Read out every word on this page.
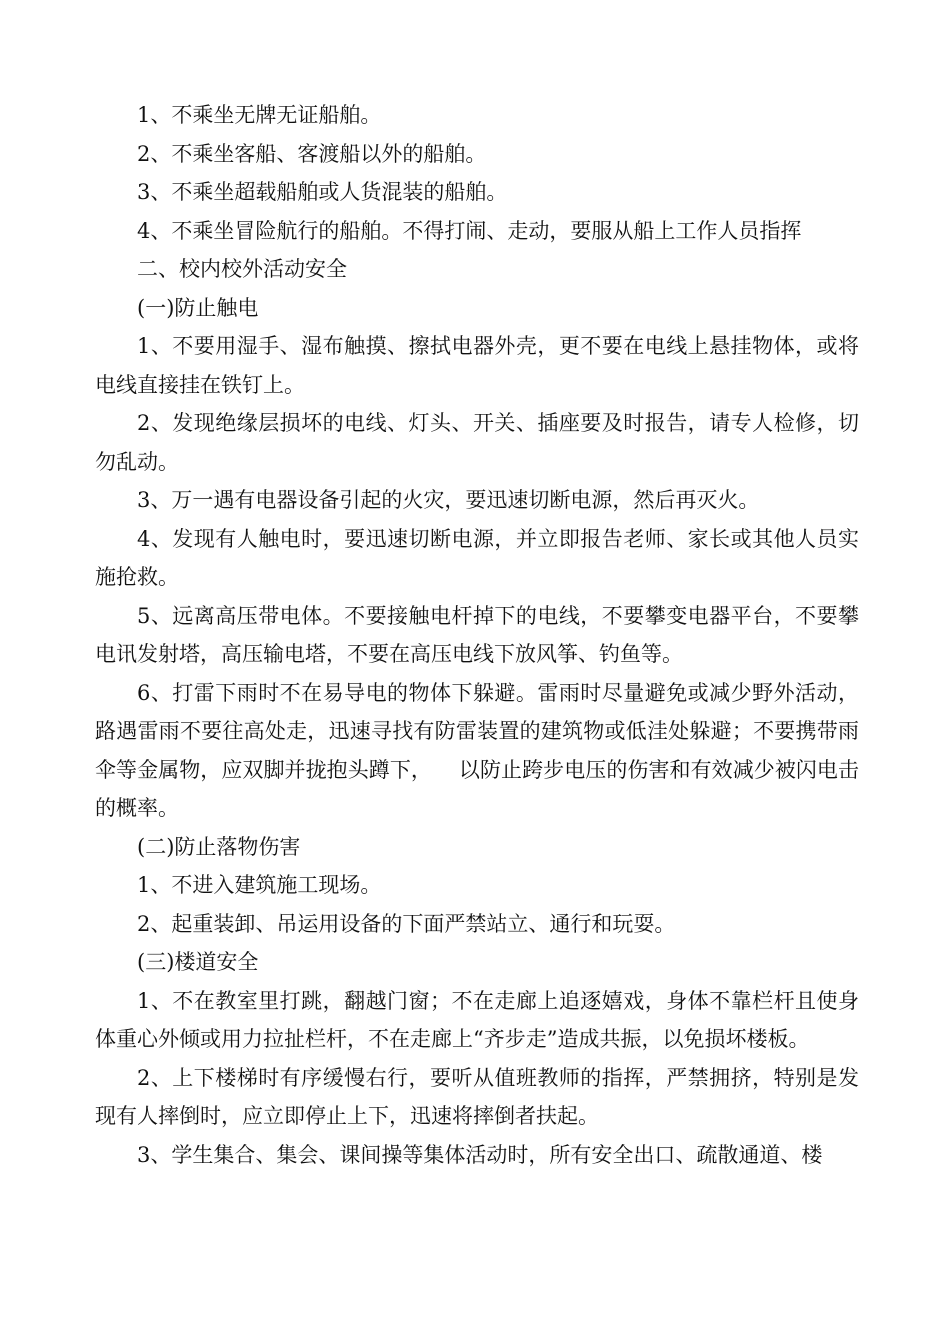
1、不乘坐无牌无证船舶。

2、不乘坐客船、客渡船以外的船舶。

3、不乘坐超载船舶或人货混装的船舶。

4、不乘坐冒险航行的船舶。不得打闹、走动，要服从船上工作人员指挥

二、校内校外活动安全

(一)防止触电

1、不要用湿手、湿布触摸、擦拭电器外壳，更不要在电线上悬挂物体，或将电线直接挂在铁钉上。

2、发现绝缘层损坏的电线、灯头、开关、插座要及时报告，请专人检修，切勿乱动。

3、万一遇有电器设备引起的火灾，要迅速切断电源，然后再灭火。

4、发现有人触电时，要迅速切断电源，并立即报告老师、家长或其他人员实施抢救。

5、远离高压带电体。不要接触电杆掉下的电线，不要攀变电器平台，不要攀电讯发射塔，高压输电塔，不要在高压电线下放风筝、钓鱼等。

6、打雷下雨时不在易导电的物体下躲避。雷雨时尽量避免或减少野外活动，路遇雷雨不要往高处走，迅速寻找有防雷装置的建筑物或低洼处躲避；不要携带雨伞等金属物，应双脚并拢抱头蹲下，    以防止跨步电压的伤害和有效减少被闪电击的概率。

(二)防止落物伤害

1、不进入建筑施工现场。

2、起重装卸、吊运用设备的下面严禁站立、通行和玩耍。

(三)楼道安全

1、不在教室里打跳，翻越门窗；不在走廊上追逐嬉戏，身体不靠栏杆且使身体重心外倾或用力拉扯栏杆，不在走廊上“齐步走”造成共振，以免损坏楼板。

2、上下楼梯时有序缓慢右行，要听从值班教师的指挥，严禁拥挤，特别是发现有人摔倒时，应立即停止上下，迅速将摔倒者扶起。

3、学生集合、集会、课间操等集体活动时，所有安全出口、疏散通道、楼
